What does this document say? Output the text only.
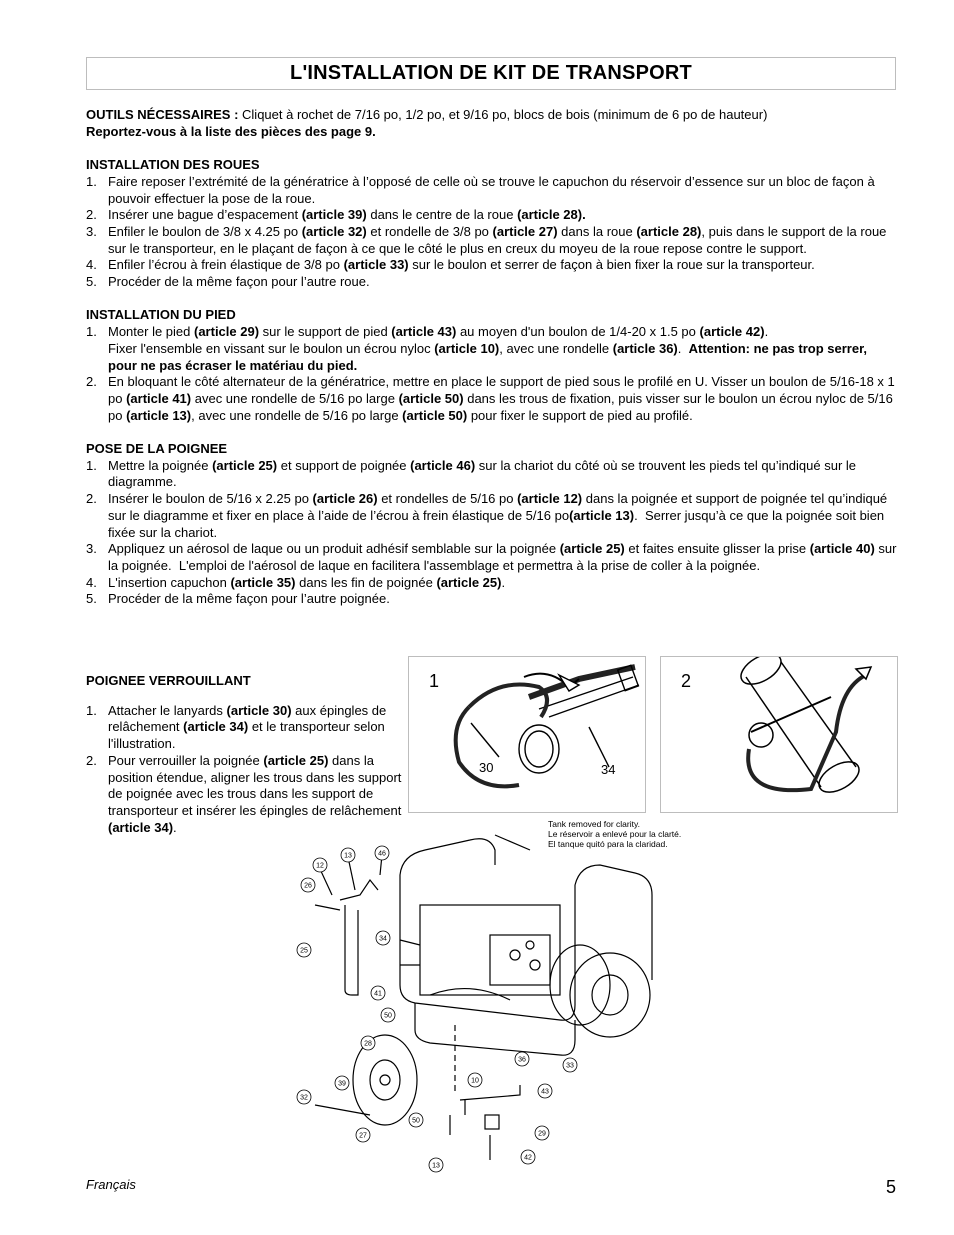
L'INSTALLATION DE KIT DE TRANSPORT

OUTILS NÉCESSAIRES : Cliquet à rochet de 7/16 po, 1/2 po, et 9/16 po, blocs de bois (minimum de 6 po de hauteur)

Reportez-vous à la liste des pièces des page 9.

INSTALLATION DES ROUES

1. Faire reposer l’extrémité de la génératrice à l’opposé de celle où se trouve le capuchon du réservoir d’essence sur un bloc de façon à pouvoir effectuer la pose de la roue.
2. Insérer une bague d’espacement (article 39) dans le centre de la roue (article 28).
3. Enfiler le boulon de 3/8 x 4.25 po (article 32) et rondelle de 3/8 po (article 27) dans la roue (article 28), puis dans le support de la roue sur le transporteur, en le plaçant de façon à ce que le côté le plus en creux du moyeu de la roue repose contre le support.
4. Enfiler l’écrou à frein élastique de 3/8 po (article 33) sur le boulon et serrer de façon à bien fixer la roue sur la transporteur.
5. Procéder de la même façon pour l’autre roue.

INSTALLATION DU PIED

1. Monter le pied (article 29) sur le support de pied (article 43) au moyen d'un boulon de 1/4-20 x 1.5 po (article 42).
Fixer l'ensemble en vissant sur le boulon un écrou nyloc (article 10), avec une rondelle (article 36).  Attention: ne pas trop serrer, pour ne pas écraser le matériau du pied.
2. En bloquant le côté alternateur de la génératrice, mettre en place le support de pied sous le profilé en U. Visser un boulon de 5/16-18 x 1 po (article 41) avec une rondelle de 5/16 po large (article 50) dans les trous de fixation, puis visser sur le boulon un écrou nyloc de 5/16 po (article 13), avec une rondelle de 5/16 po large (article 50) pour fixer le support de pied au profilé.

POSE DE LA POIGNEE

1. Mettre la poignée (article 25) et support de poignée (article 46) sur la chariot du côté où se trouvent les pieds tel qu’indiqué sur le diagramme.
2. Insérer le boulon de 5/16 x 2.25 po (article 26) et rondelles de 5/16 po (article 12) dans la poignée et support de poignée tel qu’indiqué sur le diagramme et fixer en place à l’aide de l’écrou à frein élastique de 5/16 po(article 13).  Serrer jusqu’à ce que la poignée soit bien fixée sur la chariot.
3. Appliquez un aérosol de laque ou un produit adhésif semblable sur la poignée (article 25) et faites ensuite glisser la prise (article 40) sur la poignée.  L'emploi de l'aérosol de laque en facilitera l'assemblage et permettra à la prise de coller à la poignée.
4. L'insertion capuchon (article 35) dans les fin de poignée (article 25).
5. Procéder de la même façon pour l’autre poignée.

POIGNEE VERROUILLANT

1. Attacher le lanyards (article 30) aux épingles de relâchement (article 34) et le transporteur selon l'illustration.
2. Pour verrouiller la poignée (article 25) dans la position étendue, aligner les trous dans les support de poignée avec les trous dans les support de transporteur et insérer les épingles de relâchement (article 34).
1
30	34
2
12
13	46
26
25
34
41
50
28
36
10
39
43
32
27	29
50
13
42
33
Tank removed for clarity.
Le réservoir a enlevé pour la clarté.
El tanque quitó para la claridad.
Français	5
